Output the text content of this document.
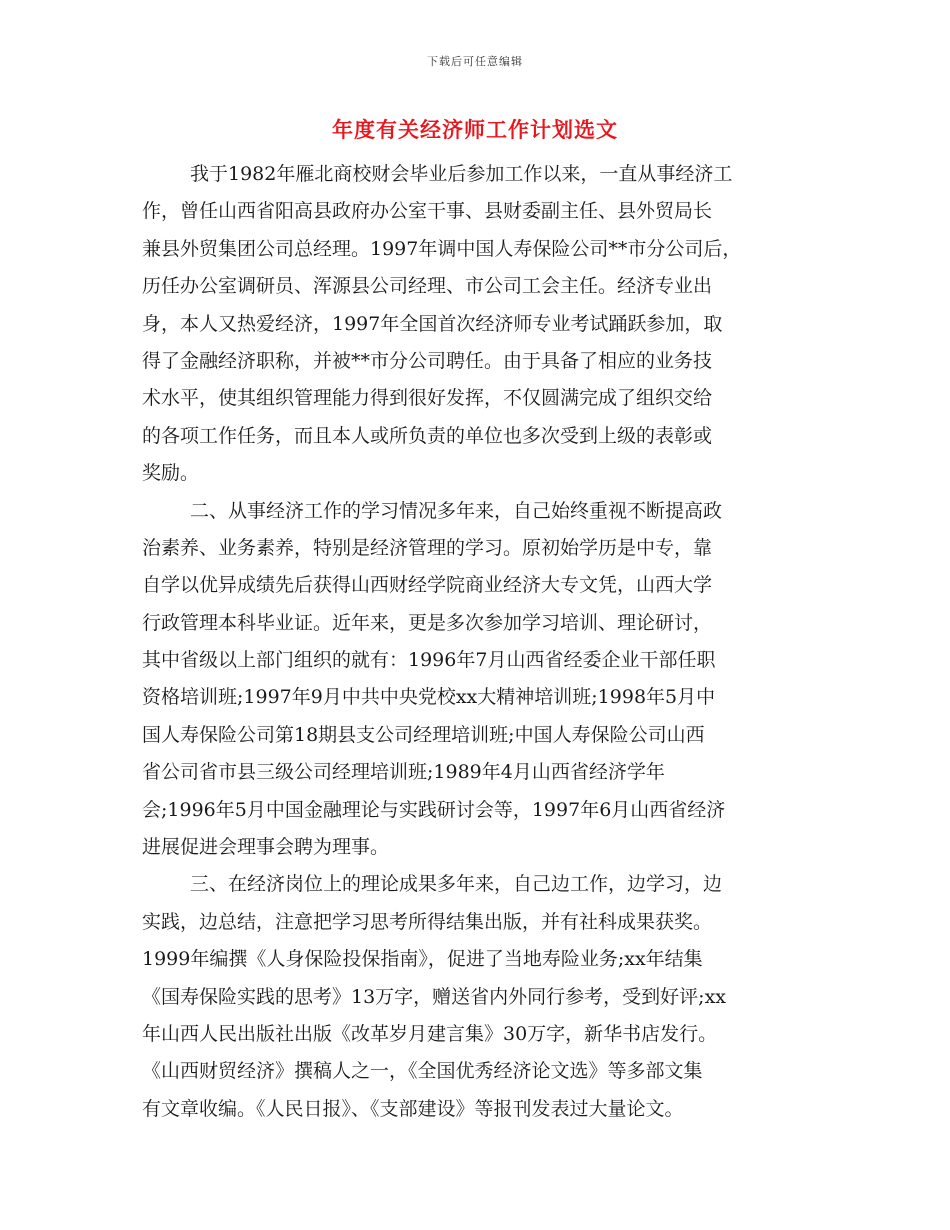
下载后可任意编辑
年度有关经济师工作计划选文
我于1982年雁北商校财会毕业后参加工作以来，一直从事经济工
作，曾任山西省阳高县政府办公室干事、县财委副主任、县外贸局长
兼县外贸集团公司总经理。1997年调中国人寿保险公司**市分公司后，
历任办公室调研员、浑源县公司经理、市公司工会主任。经济专业出
身，本人又热爱经济，1997年全国首次经济师专业考试踊跃参加，取
得了金融经济职称，并被**市分公司聘任。由于具备了相应的业务技
术水平，使其组织管理能力得到很好发挥，不仅圆满完成了组织交给
的各项工作任务，而且本人或所负责的单位也多次受到上级的表彰或
奖励。
二、从事经济工作的学习情况多年来，自己始终重视不断提高政
治素养、业务素养，特别是经济管理的学习。原初始学历是中专，靠
自学以优异成绩先后获得山西财经学院商业经济大专文凭，山西大学
行政管理本科毕业证。近年来，更是多次参加学习培训、理论研讨，
其中省级以上部门组织的就有：1996年7月山西省经委企业干部任职
资格培训班;1997年9月中共中央党校xx大精神培训班;1998年5月中
国人寿保险公司第18期县支公司经理培训班;中国人寿保险公司山西
省公司省市县三级公司经理培训班;1989年4月山西省经济学年
会;1996年5月中国金融理论与实践研讨会等，1997年6月山西省经济
进展促进会理事会聘为理事。
三、在经济岗位上的理论成果多年来，自己边工作，边学习，边
实践，边总结，注意把学习思考所得结集出版，并有社科成果获奖。
1999年编撰《人身保险投保指南》，促进了当地寿险业务;xx年结集
《国寿保险实践的思考》13万字，赠送省内外同行参考，受到好评;xx
年山西人民出版社出版《改革岁月建言集》30万字，新华书店发行。
《山西财贸经济》撰稿人之一，《全国优秀经济论文选》等多部文集
有文章收编。《人民日报》、《支部建设》等报刊发表过大量论文。
